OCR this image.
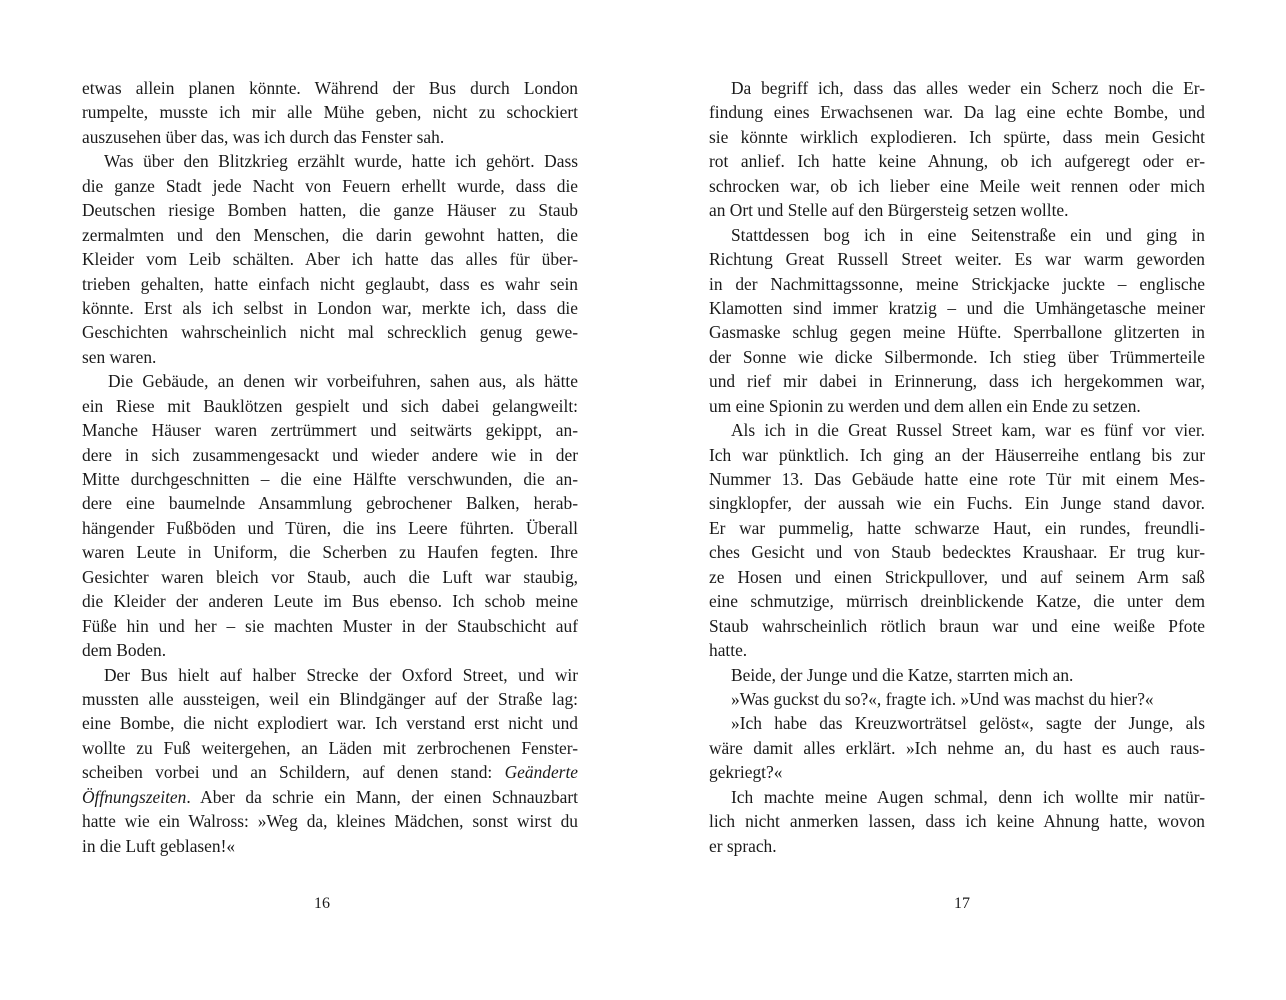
etwas allein planen könnte. Während der Bus durch London
rumpelte, musste ich mir alle Mühe geben, nicht zu schockiert
auszusehen über das, was ich durch das Fenster sah.
Was über den Blitzkrieg erzählt wurde, hatte ich gehört. Dass
die ganze Stadt jede Nacht von Feuern erhellt wurde, dass die
Deutschen riesige Bomben hatten, die ganze Häuser zu Staub
zermalmten und den Menschen, die darin gewohnt hatten, die
Kleider vom Leib schälten. Aber ich hatte das alles für über-
trieben gehalten, hatte einfach nicht geglaubt, dass es wahr sein
könnte. Erst als ich selbst in London war, merkte ich, dass die
Geschichten wahrscheinlich nicht mal schrecklich genug gewe-
sen waren.
Die Gebäude, an denen wir vorbeifuhren, sahen aus, als hätte
ein Riese mit Bauklötzen gespielt und sich dabei gelangweilt:
Manche Häuser waren zertrümmert und seitwärts gekippt, an-
dere in sich zusammengesackt und wieder andere wie in der
Mitte durchgeschnitten – die eine Hälfte verschwunden, die an-
dere eine baumelnde Ansammlung gebrochener Balken, herab-
hängender Fußböden und Türen, die ins Leere führten. Überall
waren Leute in Uniform, die Scherben zu Haufen fegten. Ihre
Gesichter waren bleich vor Staub, auch die Luft war staubig,
die Kleider der anderen Leute im Bus ebenso. Ich schob meine
Füße hin und her – sie machten Muster in der Staubschicht auf
dem Boden.
Der Bus hielt auf halber Strecke der Oxford Street, und wir
mussten alle aussteigen, weil ein Blindgänger auf der Straße lag:
eine Bombe, die nicht explodiert war. Ich verstand erst nicht und
wollte zu Fuß weitergehen, an Läden mit zerbrochenen Fenster-
scheiben vorbei und an Schildern, auf denen stand: Geänderte
Öffnungszeiten. Aber da schrie ein Mann, der einen Schnauzbart
hatte wie ein Walross: »Weg da, kleines Mädchen, sonst wirst du
in die Luft geblasen!«
16
Da begriff ich, dass das alles weder ein Scherz noch die Er-
findung eines Erwachsenen war. Da lag eine echte Bombe, und
sie könnte wirklich explodieren. Ich spürte, dass mein Gesicht
rot anlief. Ich hatte keine Ahnung, ob ich aufgeregt oder er-
schrocken war, ob ich lieber eine Meile weit rennen oder mich
an Ort und Stelle auf den Bürgersteig setzen wollte.
Stattdessen bog ich in eine Seitenstraße ein und ging in
Richtung Great Russell Street weiter. Es war warm geworden
in der Nachmittagssonne, meine Strickjacke juckte – englische
Klamotten sind immer kratzig – und die Umhängetasche meiner
Gasmaske schlug gegen meine Hüfte. Sperrballone glitzerten in
der Sonne wie dicke Silbermonde. Ich stieg über Trümmerteile
und rief mir dabei in Erinnerung, dass ich hergekommen war,
um eine Spionin zu werden und dem allen ein Ende zu setzen.
Als ich in die Great Russel Street kam, war es fünf vor vier.
Ich war pünktlich. Ich ging an der Häuserreihe entlang bis zur
Nummer 13. Das Gebäude hatte eine rote Tür mit einem Mes-
singklopfer, der aussah wie ein Fuchs. Ein Junge stand davor.
Er war pummelig, hatte schwarze Haut, ein rundes, freundli-
ches Gesicht und von Staub bedecktes Kraushaar. Er trug kur-
ze Hosen und einen Strickpullover, und auf seinem Arm saß
eine schmutzige, mürrisch dreinblickende Katze, die unter dem
Staub wahrscheinlich rötlich braun war und eine weiße Pfote
hatte.
Beide, der Junge und die Katze, starrten mich an.
»Was guckst du so?«, fragte ich. »Und was machst du hier?«
»Ich habe das Kreuzworträtsel gelöst«, sagte der Junge, als
wäre damit alles erklärt. »Ich nehme an, du hast es auch raus-
gekriegt?«
Ich machte meine Augen schmal, denn ich wollte mir natür-
lich nicht anmerken lassen, dass ich keine Ahnung hatte, wovon
er sprach.
17
